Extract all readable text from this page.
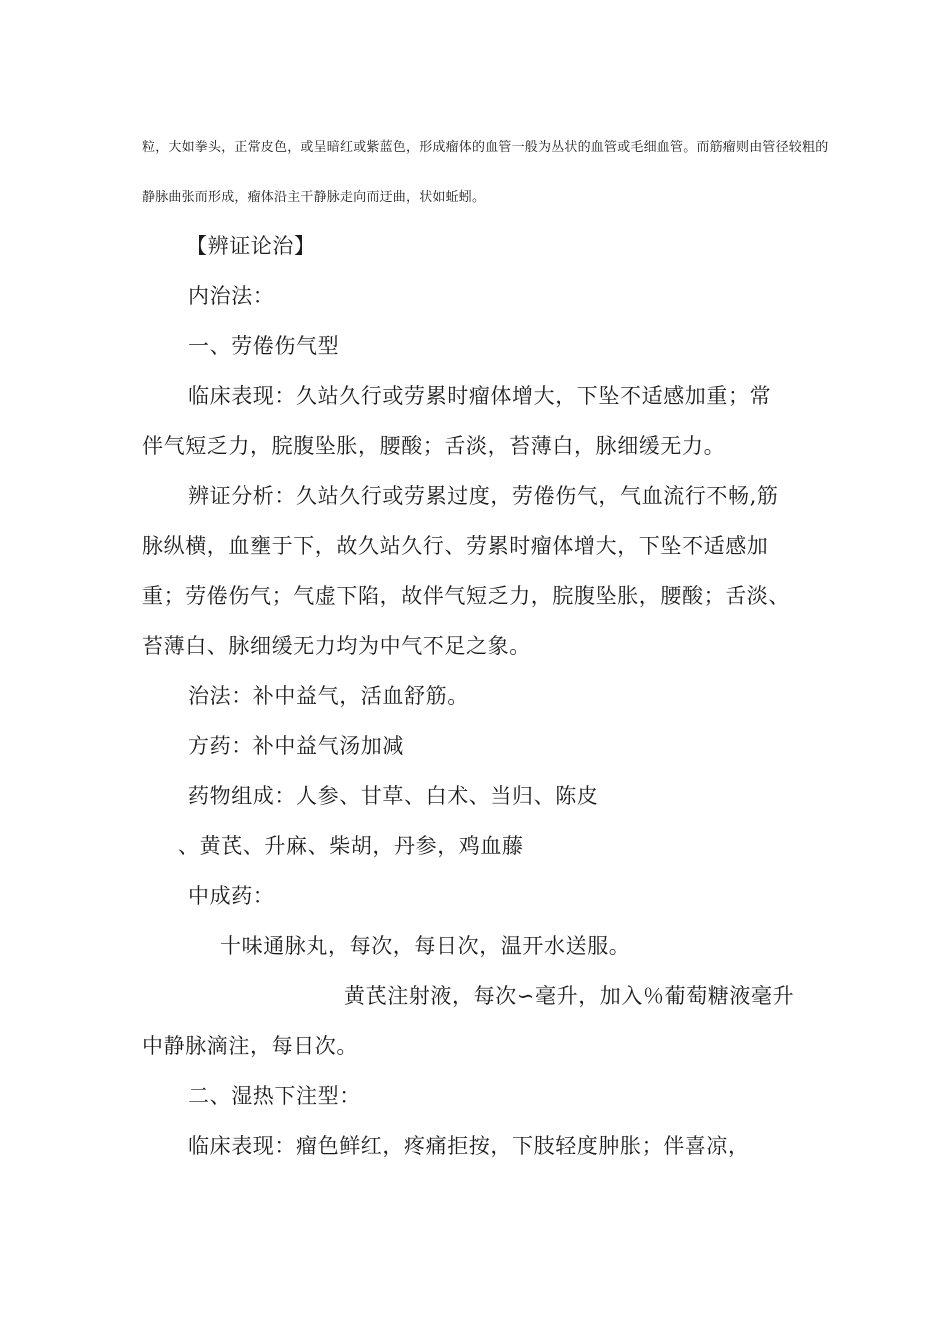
粒，大如拳头，正常皮色，或呈暗红或紫蓝色，形成瘤体的血管一般为丛状的血管或毛细血管。而筋瘤则由管径较粗的

静脉曲张而形成，瘤体沿主干静脉走向而迂曲，状如蚯蚓。

【辨证论治】

内治法：

一、劳倦伤气型

临床表现：久站久行或劳累时瘤体增大，下坠不适感加重；常

伴气短乏力，脘腹坠胀，腰酸；舌淡，苔薄白，脉细缓无力。

辨证分析：久站久行或劳累过度，劳倦伤气，气血流行不畅,筋

脉纵横，血壅于下，故久站久行、劳累时瘤体增大，下坠不适感加

重；劳倦伤气；气虚下陷，故伴气短乏力，脘腹坠胀，腰酸；舌淡、

苔薄白、脉细缓无力均为中气不足之象。

治法：补中益气，活血舒筋。

方药：补中益气汤加减

药物组成：人参、甘草、白术、当归、陈皮

、黄芪、升麻、柴胡，丹参，鸡血藤

中成药：

十味通脉丸，每次，每日次，温开水送服。

黄芪注射液，每次∽毫升，加入％葡萄糖液毫升

中静脉滴注，每日次。

二、湿热下注型：

临床表现：瘤色鲜红，疼痛拒按，下肢轻度肿胀；伴喜凉，
